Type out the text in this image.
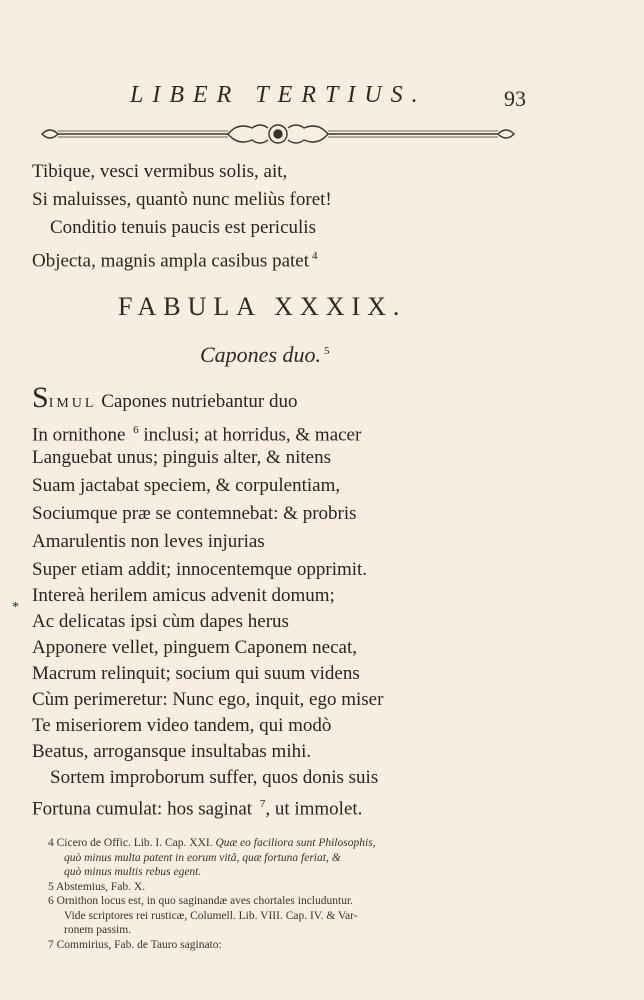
LIBER TERTIUS.	93
Tibique, vesci vermibus solis, ait,
Si maluisses, quantò nunc meliùs foret!
Conditio tenuis paucis est periculis
Objecta, magnis ampla casibus patet $^4$
FABULA XXXIX.
Capones duo. $^5$
SIMUL Capones nutriebantur duo
In ornithone $^6$ inclusi; at horridus, & macer
Languebat unus; pinguis alter, & nitens
Suam jactabat speciem, & corpulentiam,
Sociumque præ se contemnebat: & probris
Amarulentis non leves injurias
Super etiam addit; innocentemque opprimit.
Intereà herilem amicus advenit domum;
*
Ac delicatas ipsi cùm dapes herus
Apponere vellet, pinguem Caponem necat,
Macrum relinquit; socium qui suum videns
Cùm perimeretur: Nunc ego, inquit, ego miser
Te miseriorem video tandem, qui modò
Beatus, arrogansque insultabas mihi.
Sortem improborum suffer, quos donis suis
Fortuna cumulat: hos saginat $^7$, ut immolet.
4 Cicero de Offic. Lib. I. Cap. XXI. Quæ eo faciliora sunt Philosophis,
quò minus multa patent in eorum vitâ, quæ fortuna feriat, &
quò minus multis rebus egent.
5 Abstemius, Fab. X.
6 Ornithon locus est, in quo saginandæ aves chortales includuntur.
Vide scriptores rei rusticæ, Columell. Lib. VIII. Cap. IV. & Var-
ronem passim.
7 Commirius, Fab. de Tauro saginato:
